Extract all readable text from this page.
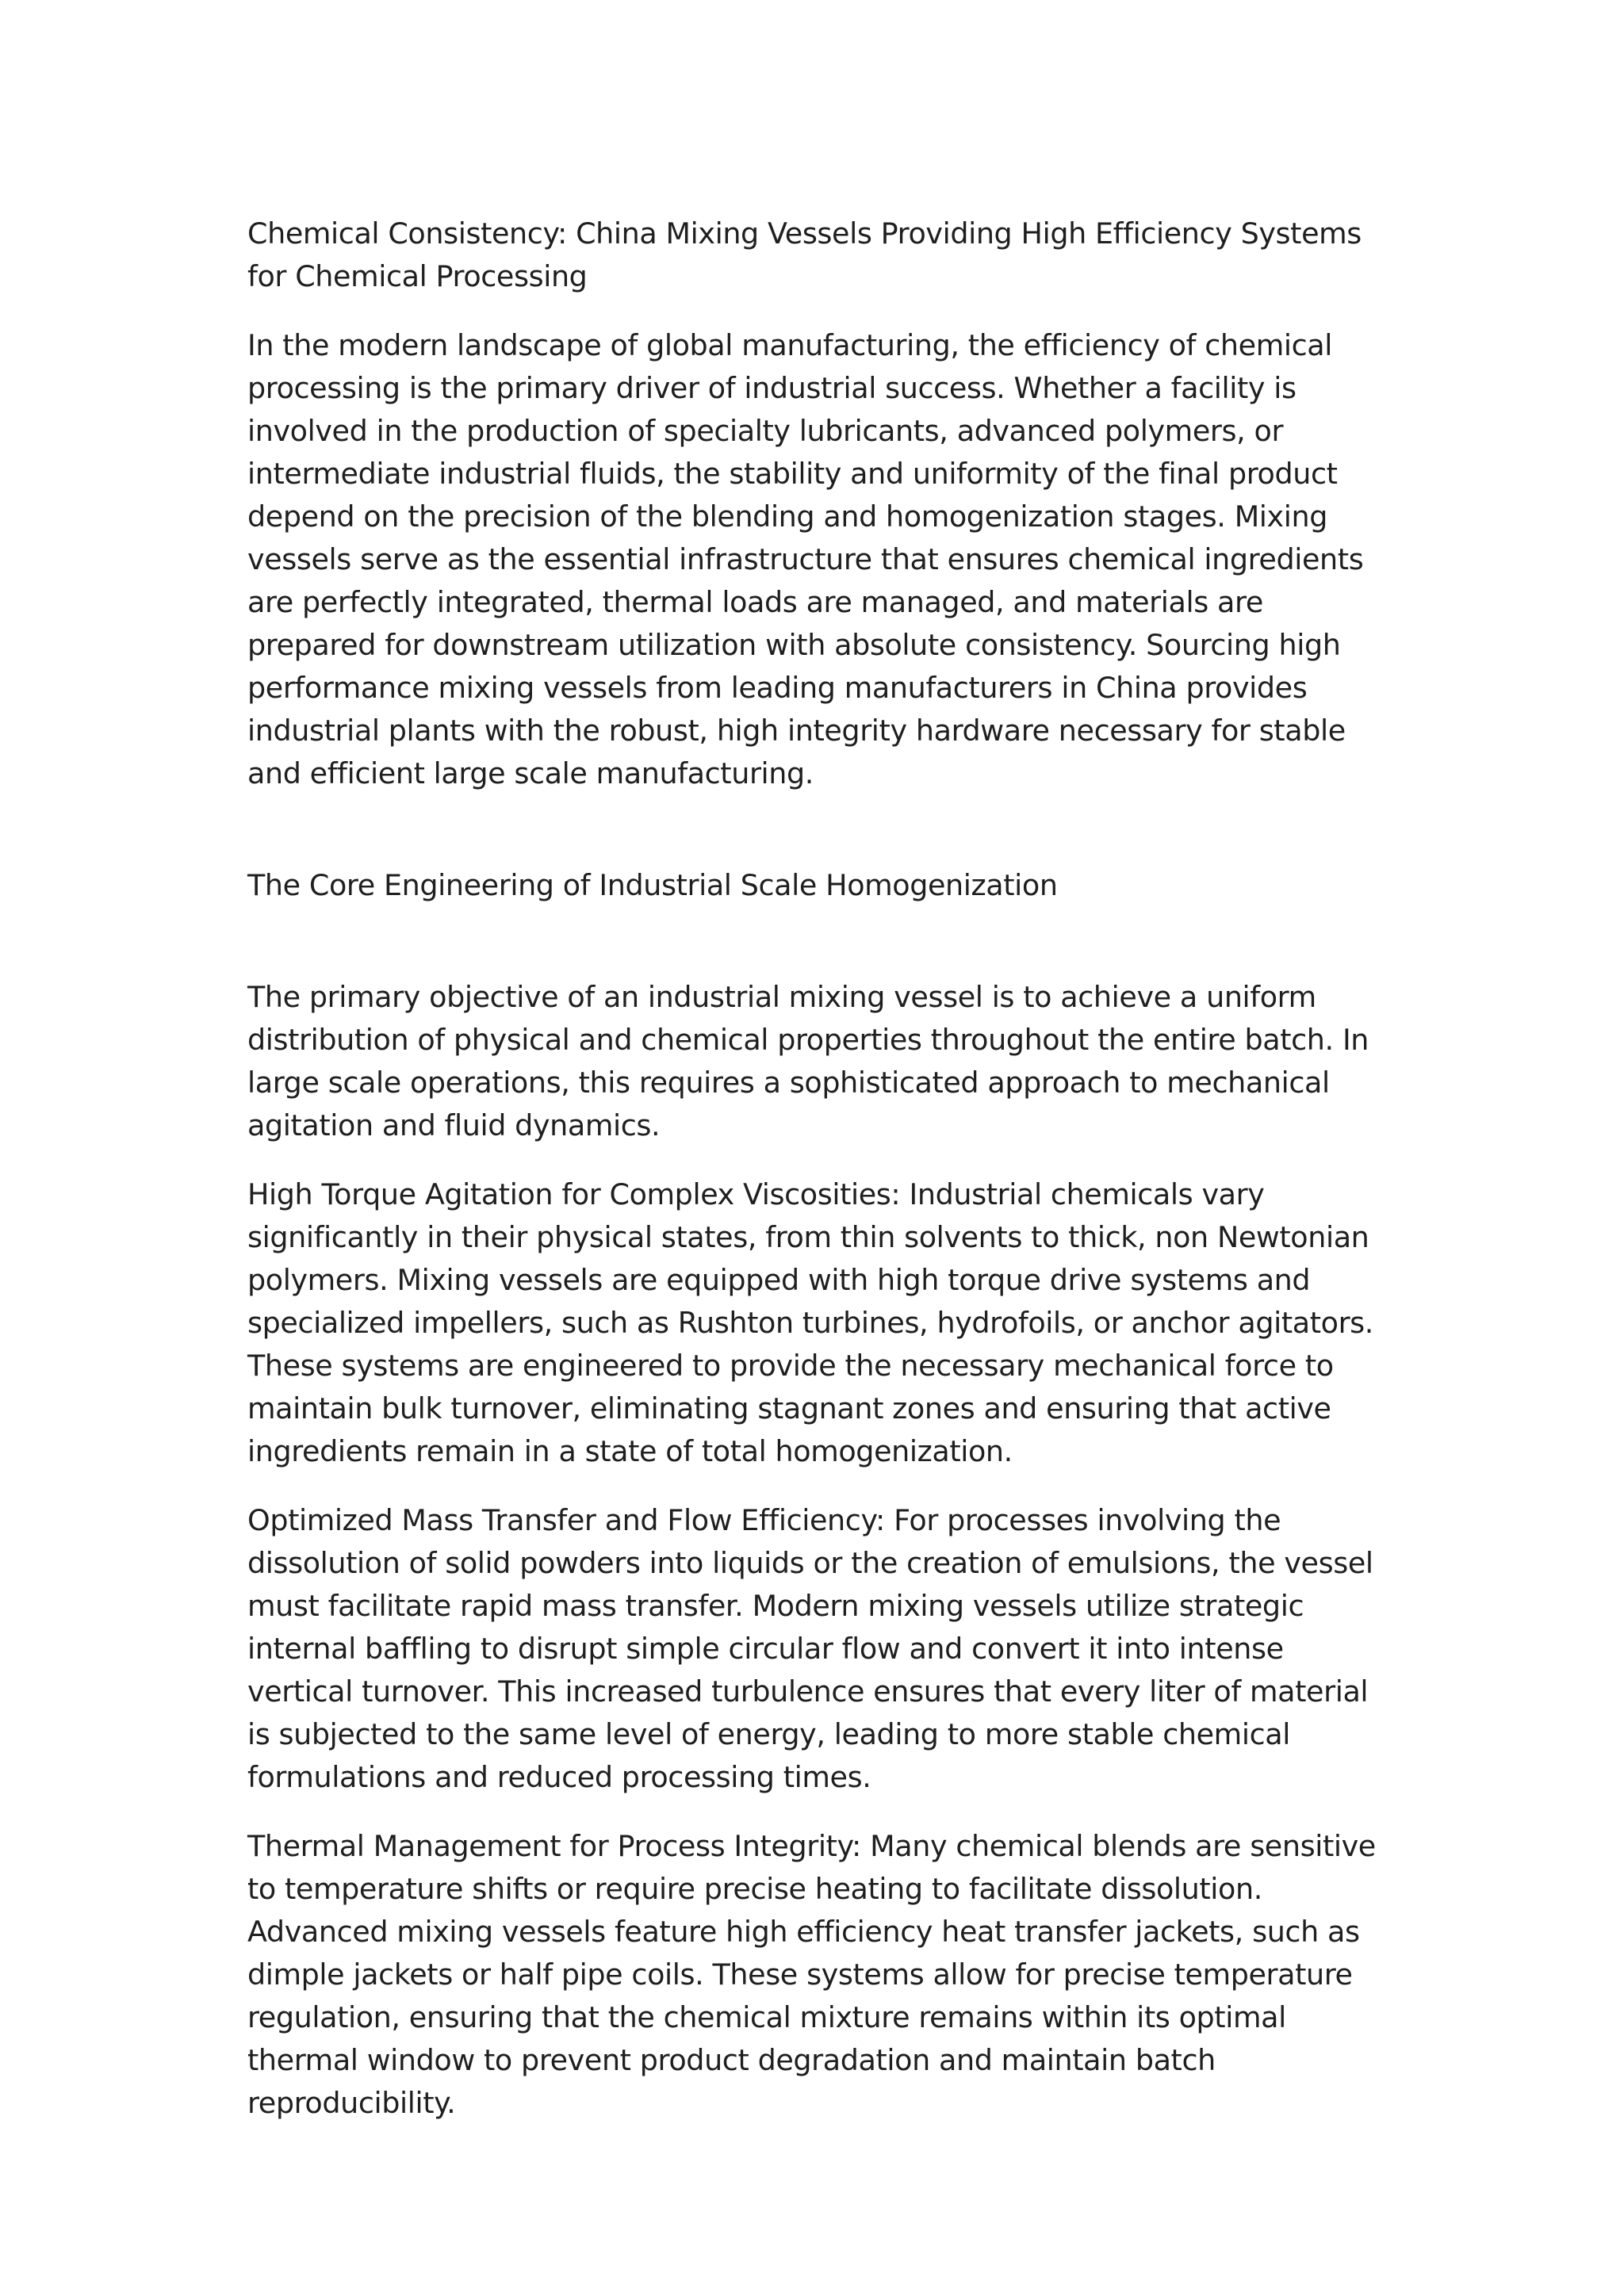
Chemical Consistency: China Mixing Vessels Providing High Efficiency Systems for Chemical Processing

In the modern landscape of global manufacturing, the efficiency of chemical processing is the primary driver of industrial success. Whether a facility is involved in the production of specialty lubricants, advanced polymers, or intermediate industrial fluids, the stability and uniformity of the final product depend on the precision of the blending and homogenization stages. Mixing vessels serve as the essential infrastructure that ensures chemical ingredients are perfectly integrated, thermal loads are managed, and materials are prepared for downstream utilization with absolute consistency. Sourcing high performance mixing vessels from leading manufacturers in China provides industrial plants with the robust, high integrity hardware necessary for stable and efficient large scale manufacturing.

The Core Engineering of Industrial Scale Homogenization

The primary objective of an industrial mixing vessel is to achieve a uniform distribution of physical and chemical properties throughout the entire batch. In large scale operations, this requires a sophisticated approach to mechanical agitation and fluid dynamics.

High Torque Agitation for Complex Viscosities: Industrial chemicals vary significantly in their physical states, from thin solvents to thick, non Newtonian polymers. Mixing vessels are equipped with high torque drive systems and specialized impellers, such as Rushton turbines, hydrofoils, or anchor agitators. These systems are engineered to provide the necessary mechanical force to maintain bulk turnover, eliminating stagnant zones and ensuring that active ingredients remain in a state of total homogenization.

Optimized Mass Transfer and Flow Efficiency: For processes involving the dissolution of solid powders into liquids or the creation of emulsions, the vessel must facilitate rapid mass transfer. Modern mixing vessels utilize strategic internal baffling to disrupt simple circular flow and convert it into intense vertical turnover. This increased turbulence ensures that every liter of material is subjected to the same level of energy, leading to more stable chemical formulations and reduced processing times.

Thermal Management for Process Integrity: Many chemical blends are sensitive to temperature shifts or require precise heating to facilitate dissolution. Advanced mixing vessels feature high efficiency heat transfer jackets, such as dimple jackets or half pipe coils. These systems allow for precise temperature regulation, ensuring that the chemical mixture remains within its optimal thermal window to prevent product degradation and maintain batch reproducibility.
